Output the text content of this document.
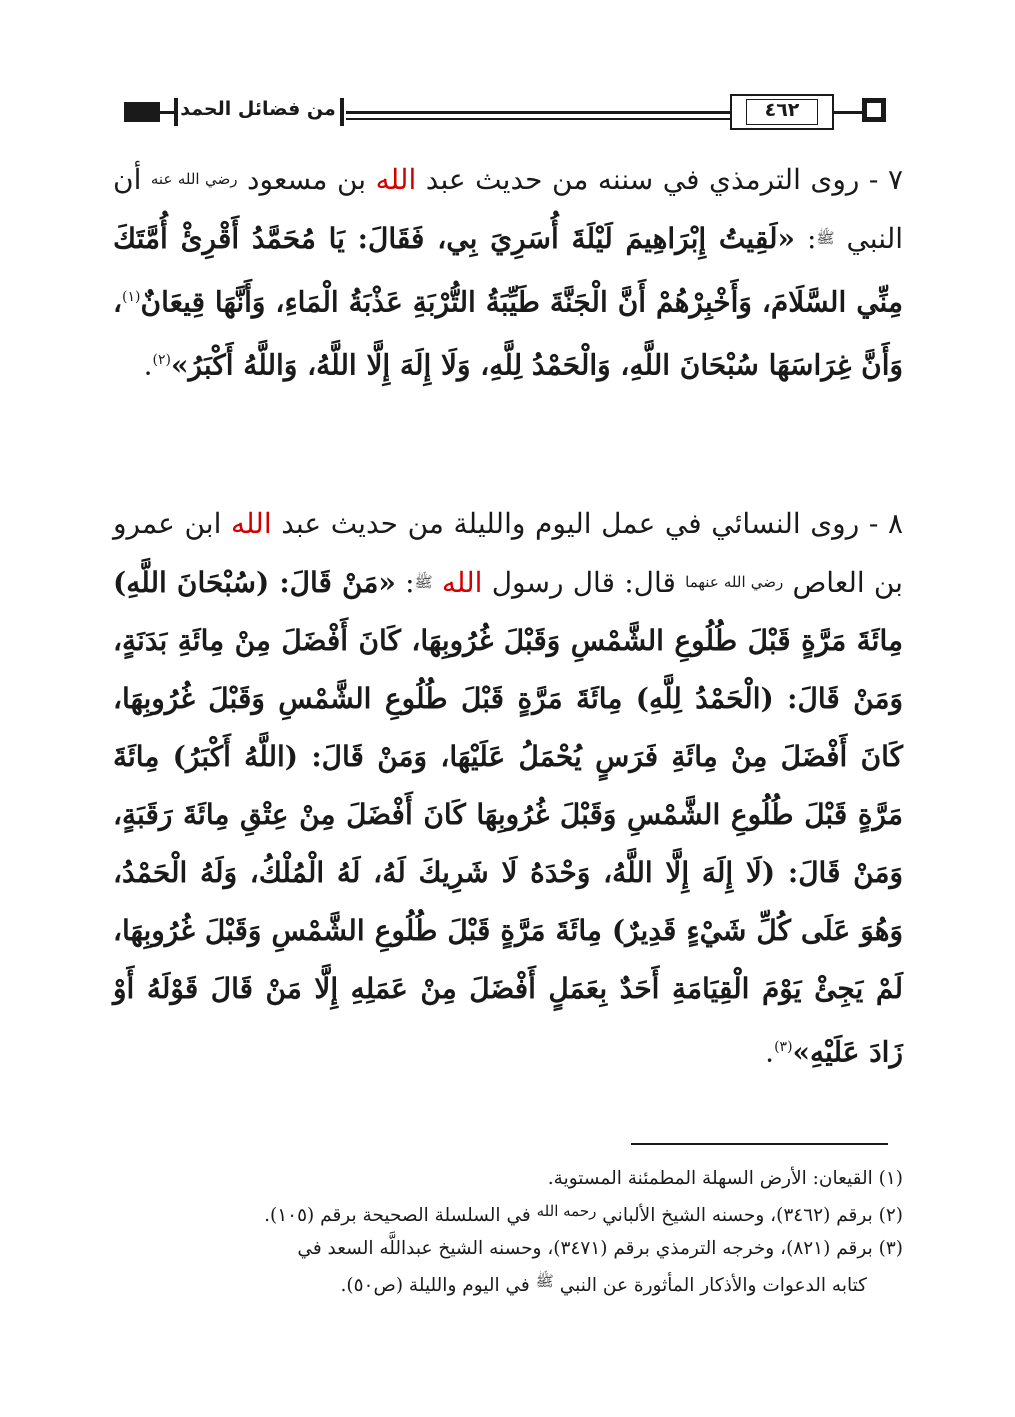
من فضائل الحمد	٤٦٢
٧ - روى الترمذي في سننه من حديث عبد الله بن مسعود رضي الله عنه أن النبي ﷺ: «لَقِيتُ إِبْرَاهِيمَ لَيْلَةَ أُسَرِيَ بِي، فَقَالَ: يَا مُحَمَّدُ أَقْرِئْ أُمَّتَكَ مِنِّي السَّلَامَ، وَأَخْبِرْهُمْ أَنَّ الْجَنَّةَ طَيِّبَةُ التُّرْبَةِ عَذْبَةُ الْمَاءِ، وَأَنَّهَا قِيعَانٌ$^{(١)}$، وَأَنَّ غِرَاسَهَا سُبْحَانَ اللَّهِ، وَالْحَمْدُ لِلَّهِ، وَلَا إِلَهَ إِلَّا اللَّهُ، وَاللَّهُ أَكْبَرُ»$^{(٢)}$.
٨ - روى النسائي في عمل اليوم والليلة من حديث عبد الله ابن عمرو بن العاص رضي الله عنهما قال: قال رسول الله ﷺ: «مَنْ قَالَ: (سُبْحَانَ اللَّهِ) مِائَةَ مَرَّةٍ قَبْلَ طُلُوعِ الشَّمْسِ وَقَبْلَ غُرُوبِهَا، كَانَ أَفْضَلَ مِنْ مِائَةِ بَدَنَةٍ، وَمَنْ قَالَ: (الْحَمْدُ لِلَّهِ) مِائَةَ مَرَّةٍ قَبْلَ طُلُوعِ الشَّمْسِ وَقَبْلَ غُرُوبِهَا، كَانَ أَفْضَلَ مِنْ مِائَةِ فَرَسٍ يُحْمَلُ عَلَيْهَا، وَمَنْ قَالَ: (اللَّهُ أَكْبَرُ) مِائَةَ مَرَّةٍ قَبْلَ طُلُوعِ الشَّمْسِ وَقَبْلَ غُرُوبِهَا كَانَ أَفْضَلَ مِنْ عِتْقِ مِائَةَ رَقَبَةٍ، وَمَنْ قَالَ: (لَا إِلَهَ إِلَّا اللَّهُ، وَحْدَهُ لَا شَرِيكَ لَهُ، لَهُ الْمُلْكُ، وَلَهُ الْحَمْدُ، وَهُوَ عَلَى كُلِّ شَيْءٍ قَدِيرٌ) مِائَةَ مَرَّةٍ قَبْلَ طُلُوعِ الشَّمْسِ وَقَبْلَ غُرُوبِهَا، لَمْ يَجِئْ يَوْمَ الْقِيَامَةِ أَحَدٌ بِعَمَلٍ أَفْضَلَ مِنْ عَمَلِهِ إِلَّا مَنْ قَالَ قَوْلَهُ أَوْ زَادَ عَلَيْهِ»$^{(٣)}$.

(١) القيعان: الأرض السهلة المطمئنة المستوية.

(٢) برقم (٣٤٦٢)، وحسنه الشيخ الألباني $^{رحمه الله}$ في السلسلة الصحيحة برقم (١٠٥).

(٣) برقم (٨٢١)، وخرجه الترمذي برقم (٣٤٧١)، وحسنه الشيخ عبداللَّه السعد في

كتابه الدعوات والأذكار المأثورة عن النبي $^ﷺ$ في اليوم والليلة (ص٥٠).
